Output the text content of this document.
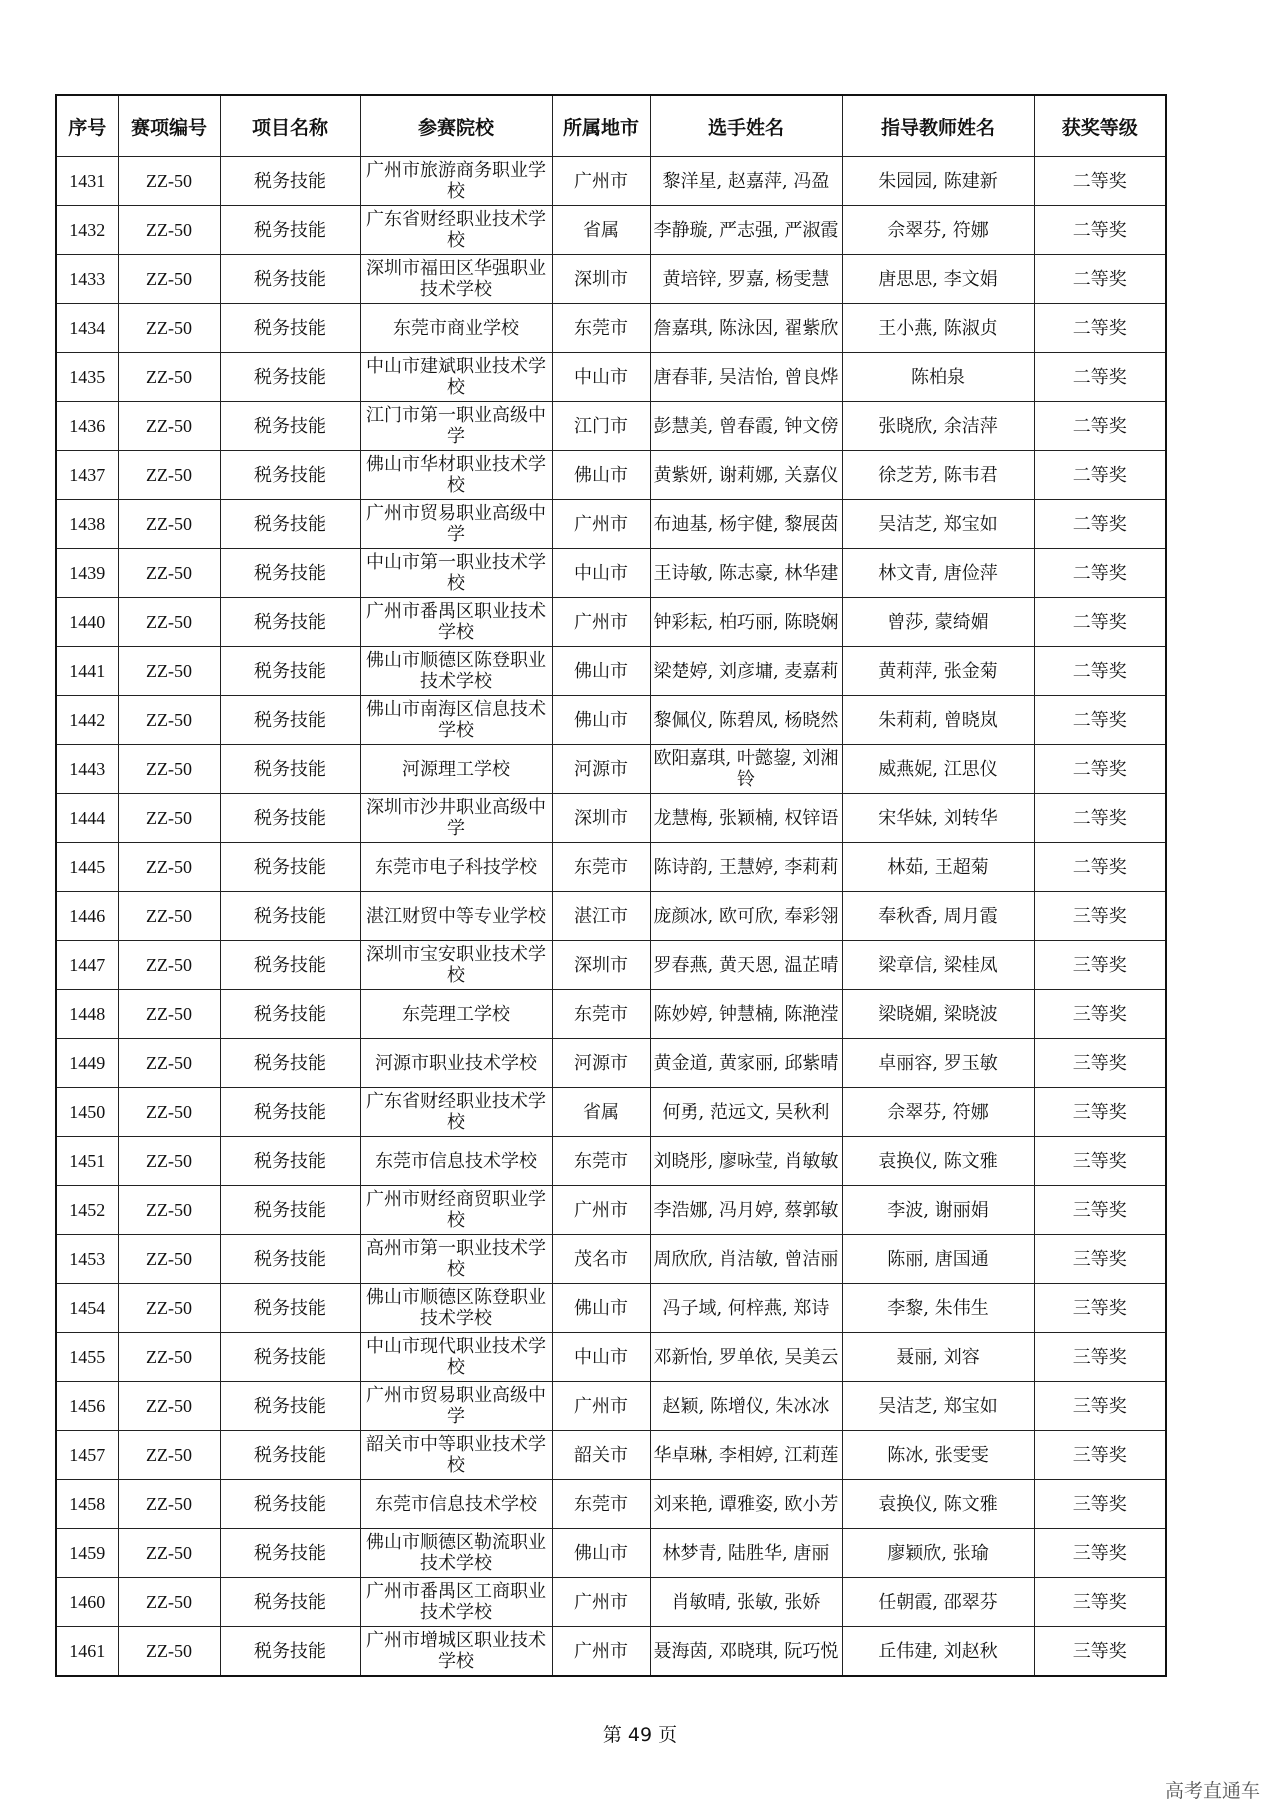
序号	赛项编号	项目名称	参赛院校	所属地市	选手姓名	指导教师姓名	获奖等级
1431	ZZ-50	税务技能	广州市旅游商务职业学校	广州市	黎洋星, 赵嘉萍, 冯盈	朱园园, 陈建新	二等奖
1432	ZZ-50	税务技能	广东省财经职业技术学校	省属	李静璇, 严志强, 严淑霞	佘翠芬, 符娜	二等奖
1433	ZZ-50	税务技能	深圳市福田区华强职业技术学校	深圳市	黄培锌, 罗嘉, 杨雯慧	唐思思, 李文娟	二等奖
1434	ZZ-50	税务技能	东莞市商业学校	东莞市	詹嘉琪, 陈泳因, 翟紫欣	王小燕, 陈淑贞	二等奖
1435	ZZ-50	税务技能	中山市建斌职业技术学校	中山市	唐春菲, 吴洁怡, 曾良烨	陈柏泉	二等奖
1436	ZZ-50	税务技能	江门市第一职业高级中学	江门市	彭慧美, 曾春霞, 钟文傍	张晓欣, 余洁萍	二等奖
1437	ZZ-50	税务技能	佛山市华材职业技术学校	佛山市	黄紫妍, 谢莉娜, 关嘉仪	徐芝芳, 陈韦君	二等奖
1438	ZZ-50	税务技能	广州市贸易职业高级中学	广州市	布迪基, 杨宇健, 黎展茵	吴洁芝, 郑宝如	二等奖
1439	ZZ-50	税务技能	中山市第一职业技术学校	中山市	王诗敏, 陈志豪, 林华建	林文青, 唐俭萍	二等奖
1440	ZZ-50	税务技能	广州市番禺区职业技术学校	广州市	钟彩耘, 柏巧丽, 陈晓娴	曾莎, 蒙绮媚	二等奖
1441	ZZ-50	税务技能	佛山市顺德区陈登职业技术学校	佛山市	梁楚婷, 刘彦墉, 麦嘉莉	黄莉萍, 张金菊	二等奖
1442	ZZ-50	税务技能	佛山市南海区信息技术学校	佛山市	黎佩仪, 陈碧凤, 杨晓然	朱莉莉, 曾晓岚	二等奖
1443	ZZ-50	税务技能	河源理工学校	河源市	欧阳嘉琪, 叶懿鋆, 刘湘铃	威燕妮, 江思仪	二等奖
1444	ZZ-50	税务技能	深圳市沙井职业高级中学	深圳市	龙慧梅, 张颖楠, 权锌语	宋华妹, 刘转华	二等奖
1445	ZZ-50	税务技能	东莞市电子科技学校	东莞市	陈诗韵, 王慧婷, 李莉莉	林茹, 王超菊	二等奖
1446	ZZ-50	税务技能	湛江财贸中等专业学校	湛江市	庞颜冰, 欧可欣, 奉彩翎	奉秋香, 周月霞	三等奖
1447	ZZ-50	税务技能	深圳市宝安职业技术学校	深圳市	罗春燕, 黄天恩, 温芷晴	梁章信, 梁桂凤	三等奖
1448	ZZ-50	税务技能	东莞理工学校	东莞市	陈妙婷, 钟慧楠, 陈滟滢	梁晓媚, 梁晓波	三等奖
1449	ZZ-50	税务技能	河源市职业技术学校	河源市	黄金道, 黄家丽, 邱紫晴	卓丽容, 罗玉敏	三等奖
1450	ZZ-50	税务技能	广东省财经职业技术学校	省属	何勇, 范远文, 吴秋利	佘翠芬, 符娜	三等奖
1451	ZZ-50	税务技能	东莞市信息技术学校	东莞市	刘晓彤, 廖咏莹, 肖敏敏	袁换仪, 陈文雅	三等奖
1452	ZZ-50	税务技能	广州市财经商贸职业学校	广州市	李浩娜, 冯月婷, 蔡郭敏	李波, 谢丽娟	三等奖
1453	ZZ-50	税务技能	高州市第一职业技术学校	茂名市	周欣欣, 肖洁敏, 曾洁丽	陈丽, 唐国通	三等奖
1454	ZZ-50	税务技能	佛山市顺德区陈登职业技术学校	佛山市	冯子域, 何梓燕, 郑诗	李黎, 朱伟生	三等奖
1455	ZZ-50	税务技能	中山市现代职业技术学校	中山市	邓新怡, 罗单依, 吴美云	聂丽, 刘容	三等奖
1456	ZZ-50	税务技能	广州市贸易职业高级中学	广州市	赵颖, 陈增仪, 朱冰冰	吴洁芝, 郑宝如	三等奖
1457	ZZ-50	税务技能	韶关市中等职业技术学校	韶关市	华卓琳, 李相婷, 江莉莲	陈冰, 张雯雯	三等奖
1458	ZZ-50	税务技能	东莞市信息技术学校	东莞市	刘来艳, 谭雅姿, 欧小芳	袁换仪, 陈文雅	三等奖
1459	ZZ-50	税务技能	佛山市顺德区勒流职业技术学校	佛山市	林梦青, 陆胜华, 唐丽	廖颖欣, 张瑜	三等奖
1460	ZZ-50	税务技能	广州市番禺区工商职业技术学校	广州市	肖敏晴, 张敏, 张娇	任朝霞, 邵翠芬	三等奖
1461	ZZ-50	税务技能	广州市增城区职业技术学校	广州市	聂海茵, 邓晓琪, 阮巧悦	丘伟建, 刘赵秋	三等奖
第 49 页
高考直通车
